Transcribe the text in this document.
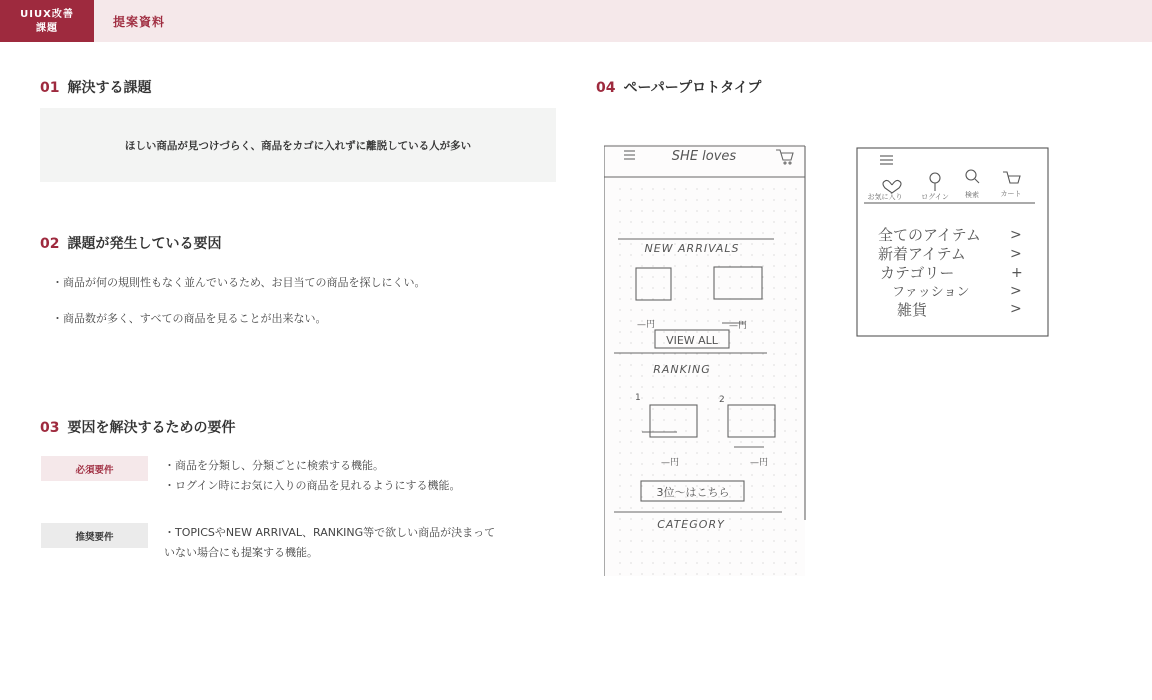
UIUX改善
課題	提案資料
01 解決する課題
ほしい商品が見つけづらく、商品をカゴに入れずに離脱している人が多い
02 課題が発生している要因
・商品が何の規則性もなく並んでいるため、お目当ての商品を探しにくい。
・商品数が多く、すべての商品を見ることが出来ない。
03 要因を解決するための要件
必須要件	・商品を分類し、分類ごとに検索する機能。
・ログイン時にお気に入りの商品を見れるようにする機能。
推奨要件	・TOPICSやNEW ARRIVAL、RANKING等で欲しい商品が決まって
いない場合にも提案する機能。
04 ペーパープロトタイプ
SHE loves
NEW ARRIVALS
—円	—円
VIEW ALL
RANKING
1	2
—円	—円
3位〜はこちら
CATEGORY
お気に入り	ログイン 検索	カート
全てのアイテム >
新着アイテム	>
カテゴリー	+
ファッション	>
雑貨	>
